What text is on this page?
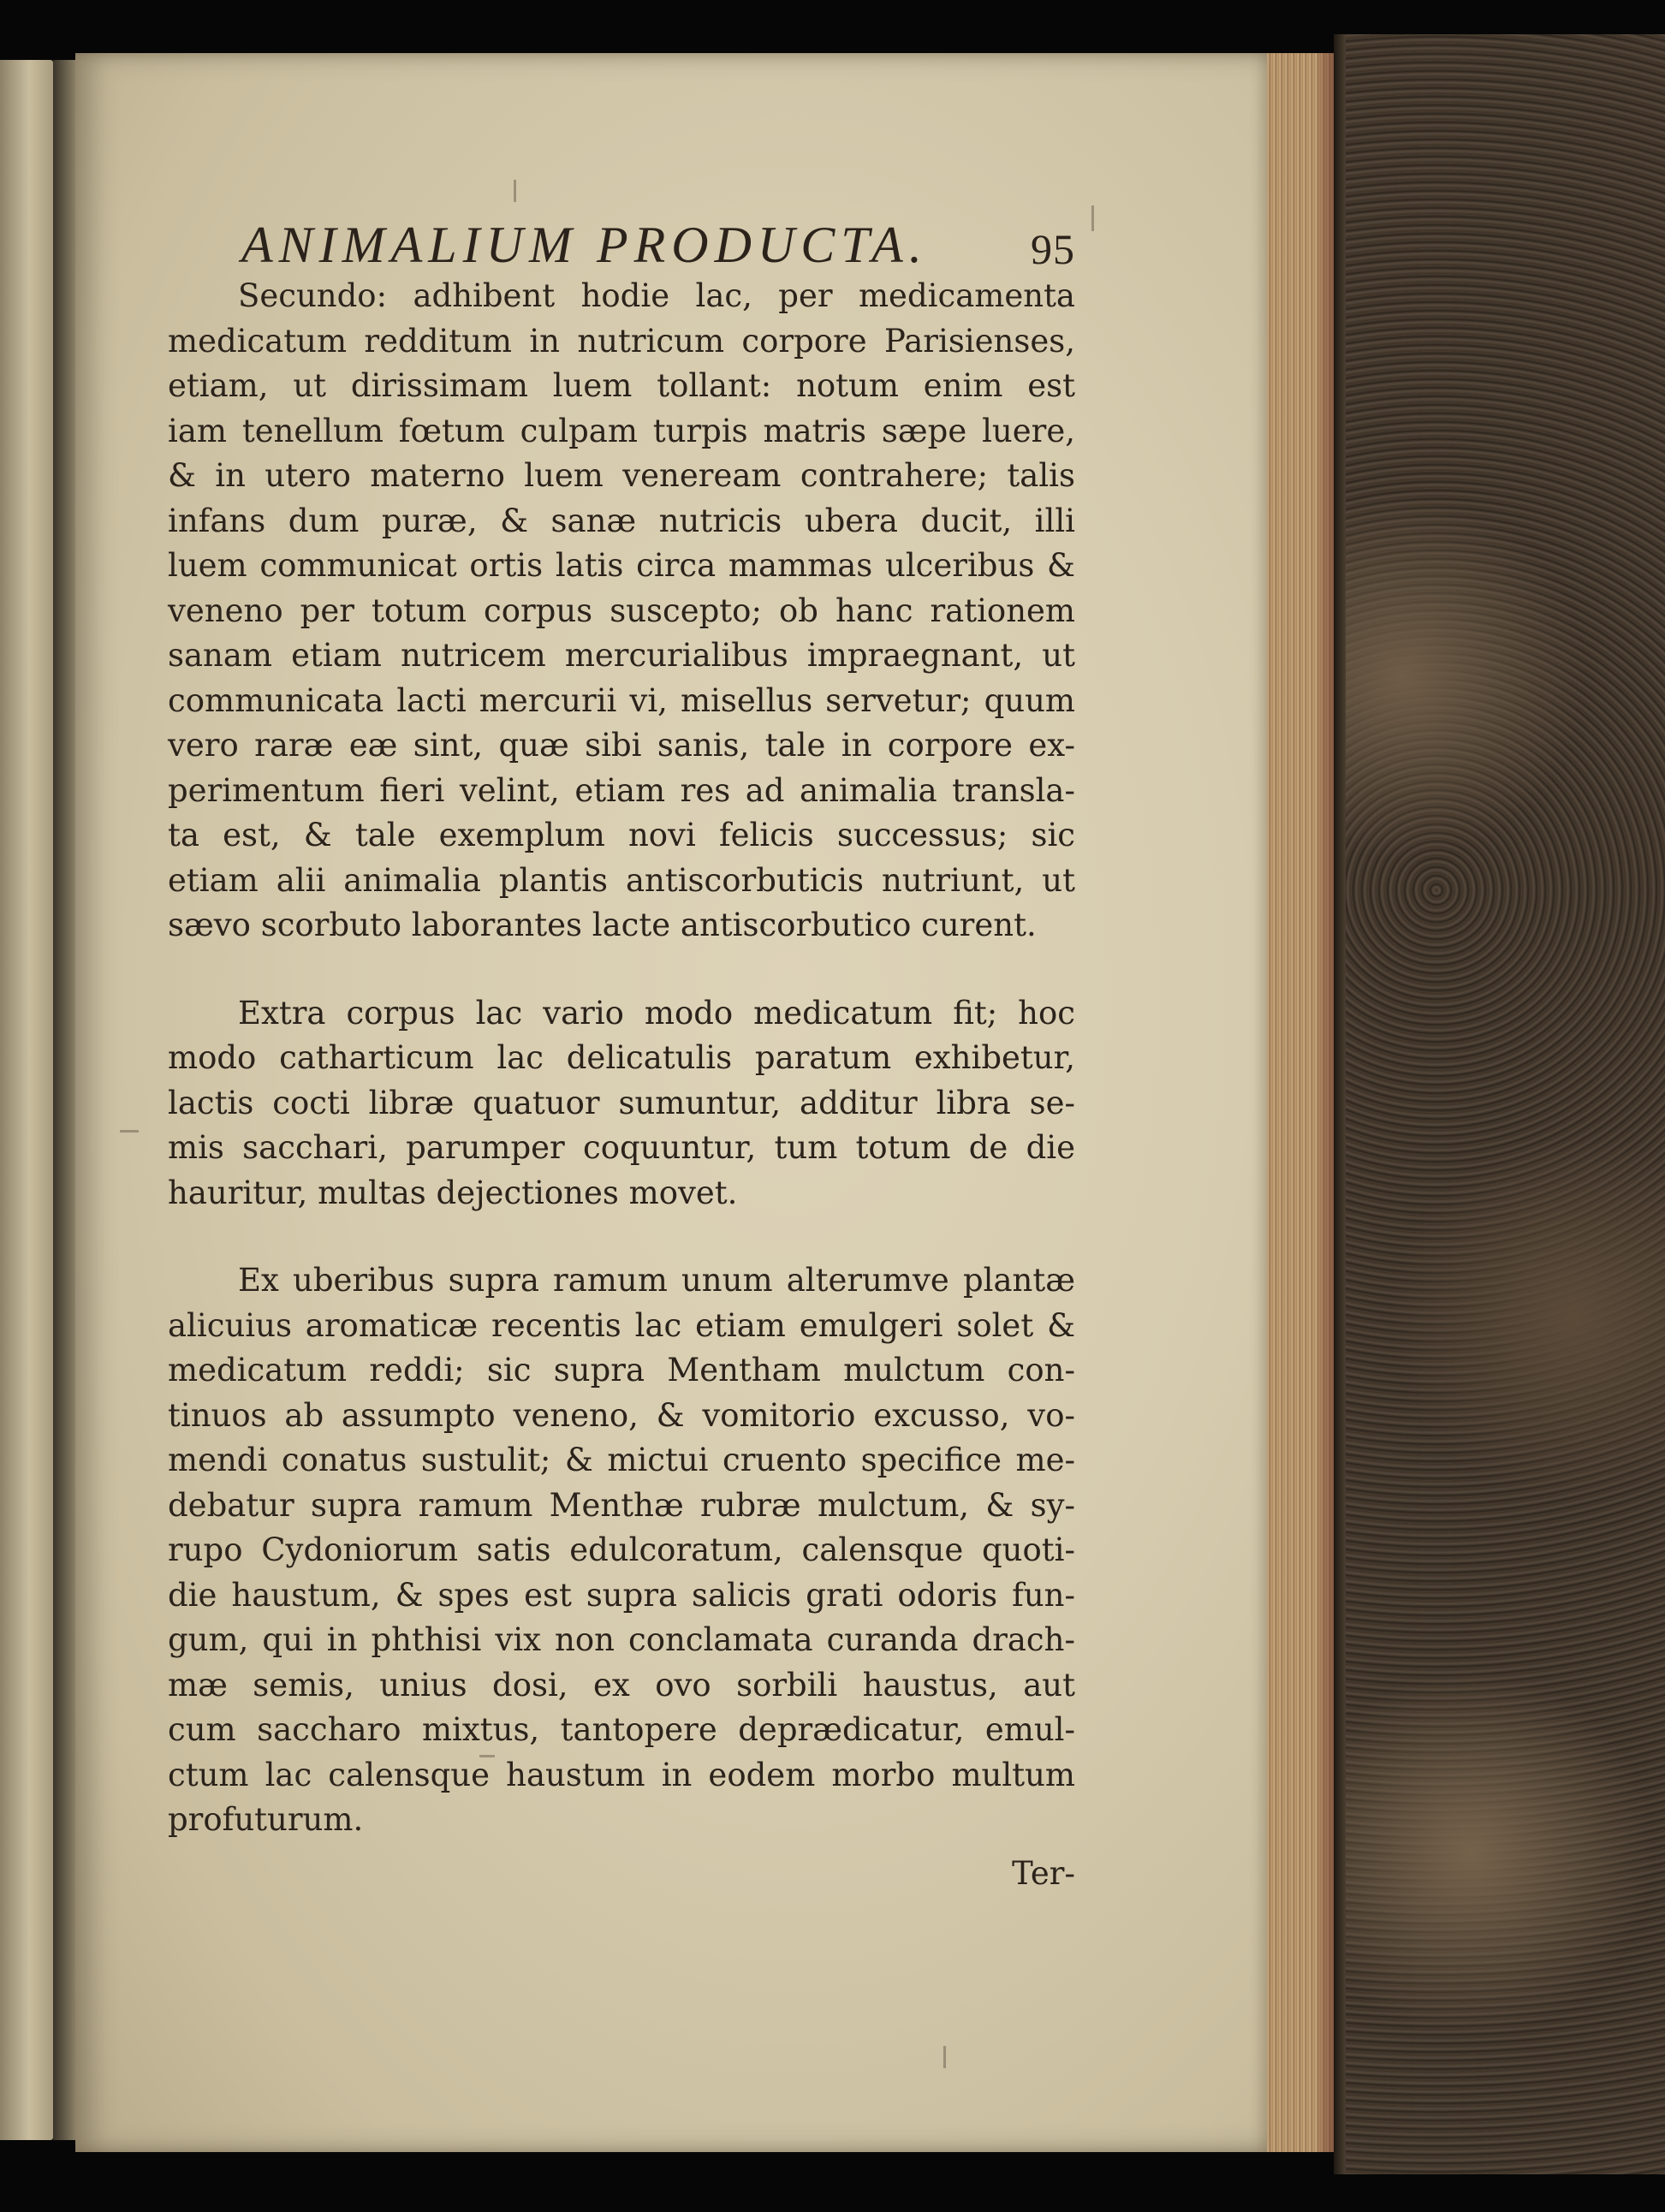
ANIMALIUM PRODUCTA. 95

Secundo: adhibent hodie lac, per medicamenta
medicatum redditum in nutricum corpore Parisienses,
etiam, ut dirissimam luem tollant: notum enim est
iam tenellum fœtum culpam turpis matris sæpe luere,
& in utero materno luem veneream contrahere; talis
infans dum puræ, & sanæ nutricis ubera ducit, illi
luem communicat ortis latis circa mammas ulceribus &
veneno per totum corpus suscepto; ob hanc rationem
sanam etiam nutricem mercurialibus impraegnant, ut
communicata lacti mercurii vi, misellus servetur; quum
vero raræ eæ sint, quæ sibi sanis, tale in corpore ex-
perimentum fieri velint, etiam res ad animalia transla-
ta est, & tale exemplum novi felicis successus; sic
etiam alii animalia plantis antiscorbuticis nutriunt, ut
sævo scorbuto laborantes lacte antiscorbutico curent.

Extra corpus lac vario modo medicatum fit; hoc
modo catharticum lac delicatulis paratum exhibetur,
lactis cocti libræ quatuor sumuntur, additur libra se-
mis sacchari, parumper coquuntur, tum totum de die
hauritur, multas dejectiones movet.

Ex uberibus supra ramum unum alterumve plantæ
alicuius aromaticæ recentis lac etiam emulgeri solet &
medicatum reddi; sic supra Mentham mulctum con-
tinuos ab assumpto veneno, & vomitorio excusso, vo-
mendi conatus sustulit; & mictui cruento specifice me-
debatur supra ramum Menthæ rubræ mulctum, & sy-
rupo Cydoniorum satis edulcoratum, calensque quoti-
die haustum, & spes est supra salicis grati odoris fun-
gum, qui in phthisi vix non conclamata curanda drach-
mæ semis, unius dosi, ex ovo sorbili haustus, aut
cum saccharo mixtus, tantopere deprædicatur, emul-
ctum lac calensque haustum in eodem morbo multum
profuturum.

Ter-
